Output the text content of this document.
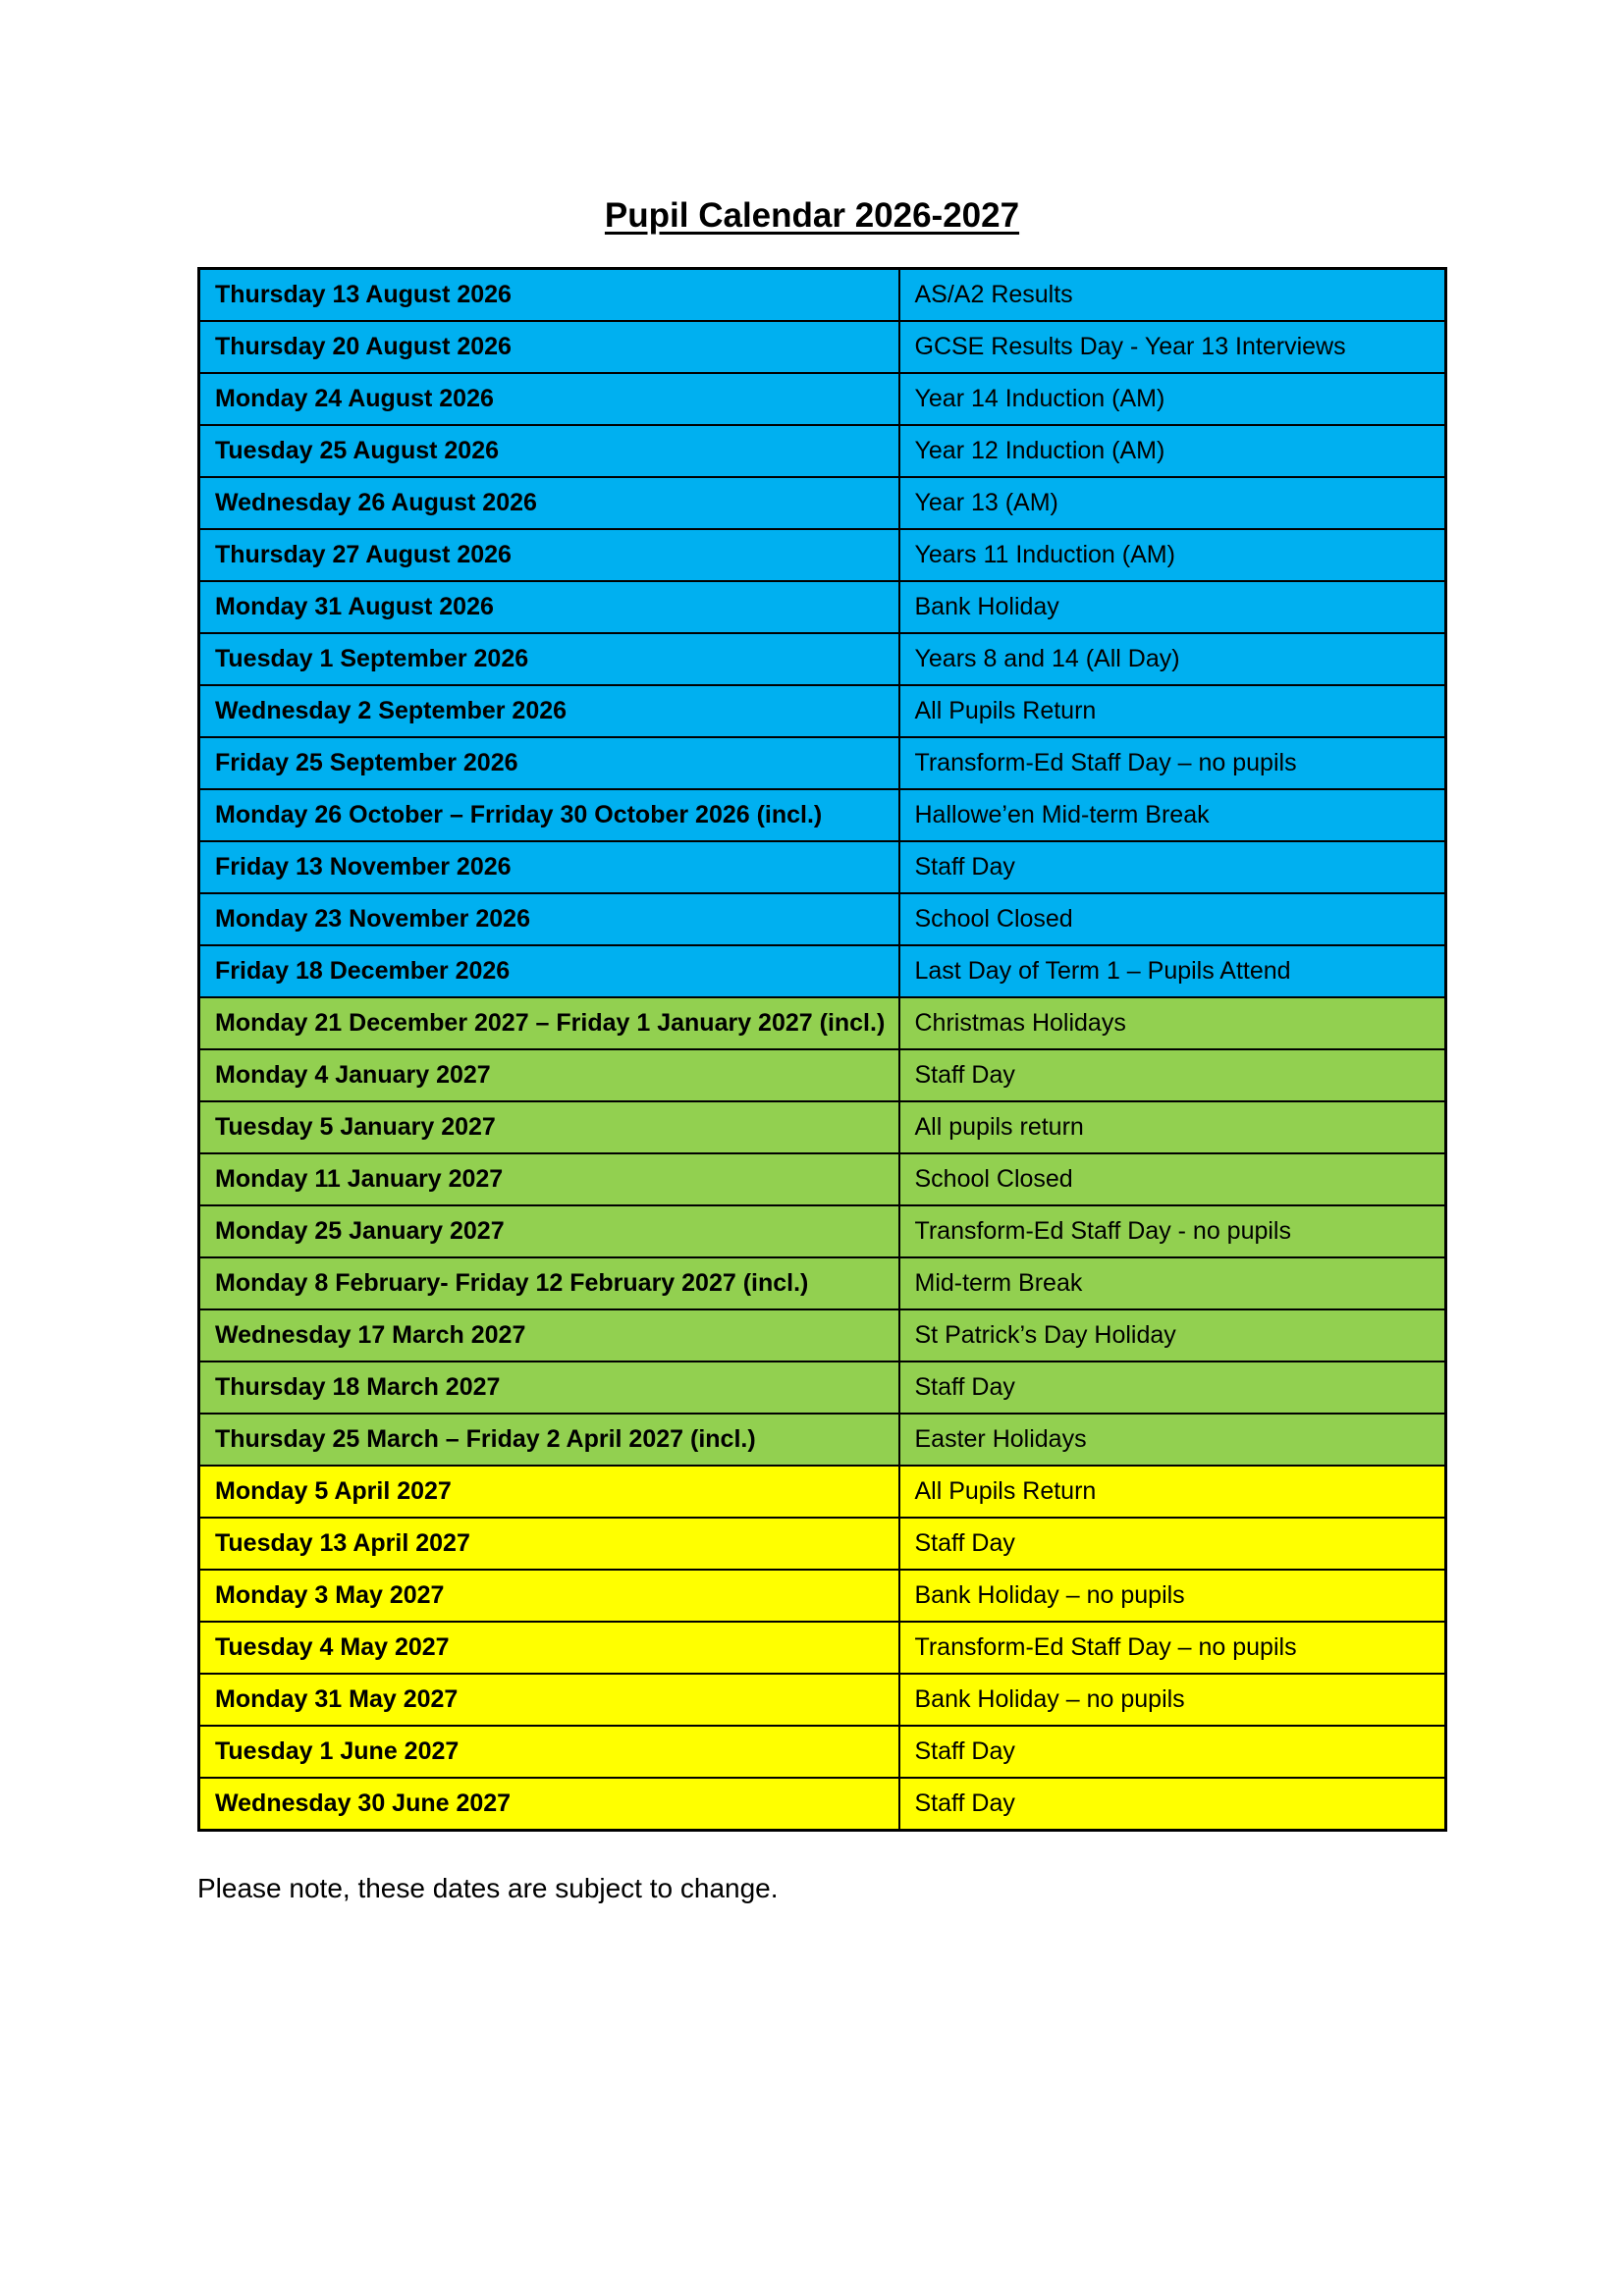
Pupil Calendar 2026-2027
Thursday 13 August 2026	AS/A2 Results
Thursday 20 August 2026	GCSE Results Day - Year 13 Interviews
Monday 24 August 2026	Year 14 Induction (AM)
Tuesday 25 August 2026	Year 12 Induction (AM)
Wednesday 26 August 2026	Year 13 (AM)
Thursday 27 August 2026	Years 11 Induction (AM)
Monday 31 August 2026	Bank Holiday
Tuesday 1 September 2026	Years 8 and 14 (All Day)
Wednesday 2 September 2026	All Pupils Return
Friday 25 September 2026	Transform-Ed Staff Day – no pupils
Monday 26 October – Frriday 30 October 2026 (incl.)	Hallowe’en Mid-term Break
Friday 13 November 2026	Staff Day
Monday 23 November 2026	School Closed
Friday 18 December 2026	Last Day of Term 1 – Pupils Attend
Monday 21 December 2027 – Friday 1 January 2027 (incl.)	Christmas Holidays
Monday 4 January 2027	Staff Day
Tuesday 5 January 2027	All pupils return
Monday 11 January 2027	School Closed
Monday 25 January 2027	Transform-Ed Staff Day - no pupils
Monday 8 February- Friday 12 February 2027 (incl.)	Mid-term Break
Wednesday 17 March 2027	St Patrick’s Day Holiday
Thursday 18 March 2027	Staff Day
Thursday 25 March – Friday 2 April 2027 (incl.)	Easter Holidays
Monday 5 April 2027	All Pupils Return
Tuesday 13 April 2027	Staff Day
Monday 3 May 2027	Bank Holiday – no pupils
Tuesday 4 May 2027	Transform-Ed Staff Day – no pupils
Monday 31 May 2027	Bank Holiday – no pupils
Tuesday 1 June 2027	Staff Day
Wednesday 30 June 2027	Staff Day

Please note, these dates are subject to change.
